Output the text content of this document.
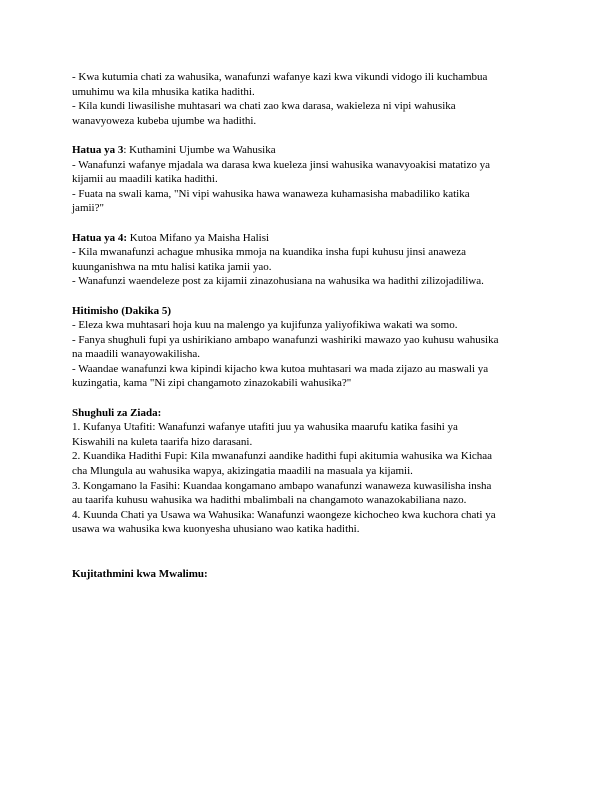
- Kwa kutumia chati za wahusika, wanafunzi wafanye kazi kwa vikundi vidogo ili kuchambua
umuhimu wa kila mhusika katika hadithi.
- Kila kundi liwasilishe muhtasari wa chati zao kwa darasa, wakieleza ni vipi wahusika
wanavyoweza kubeba ujumbe wa hadithi.
Hatua ya 3: Kuthamini Ujumbe wa Wahusika
- Wanafunzi wafanye mjadala wa darasa kwa kueleza jinsi wahusika wanavyoakisi matatizo ya
kijamii au maadili katika hadithi.
- Fuata na swali kama, "Ni vipi wahusika hawa wanaweza kuhamasisha mabadiliko katika
jamii?"
Hatua ya 4: Kutoa Mifano ya Maisha Halisi
- Kila mwanafunzi achague mhusika mmoja na kuandika insha fupi kuhusu jinsi anaweza
kuunganishwa na mtu halisi katika jamii yao.
- Wanafunzi waendeleze post za kijamii zinazohusiana na wahusika wa hadithi zilizojadiliwa.
Hitimisho (Dakika 5)
- Eleza kwa muhtasari hoja kuu na malengo ya kujifunza yaliyofikiwa wakati wa somo.
- Fanya shughuli fupi ya ushirikiano ambapo wanafunzi washiriki mawazo yao kuhusu wahusika
na maadili wanayowakilisha.
- Waandae wanafunzi kwa kipindi kijacho kwa kutoa muhtasari wa mada zijazo au maswali ya
kuzingatia, kama "Ni zipi changamoto zinazokabili wahusika?"
Shughuli za Ziada:
1. Kufanya Utafiti: Wanafunzi wafanye utafiti juu ya wahusika maarufu katika fasihi ya
Kiswahili na kuleta taarifa hizo darasani.
2. Kuandika Hadithi Fupi: Kila mwanafunzi aandike hadithi fupi akitumia wahusika wa Kichaa
cha Mlungula au wahusika wapya, akizingatia maadili na masuala ya kijamii.
3. Kongamano la Fasihi: Kuandaa kongamano ambapo wanafunzi wanaweza kuwasilisha insha
au taarifa kuhusu wahusika wa hadithi mbalimbali na changamoto wanazokabiliana nazo.
4. Kuunda Chati ya Usawa wa Wahusika: Wanafunzi waongeze kichocheo kwa kuchora chati ya
usawa wa wahusika kwa kuonyesha uhusiano wao katika hadithi.
Kujitathmini kwa Mwalimu:
